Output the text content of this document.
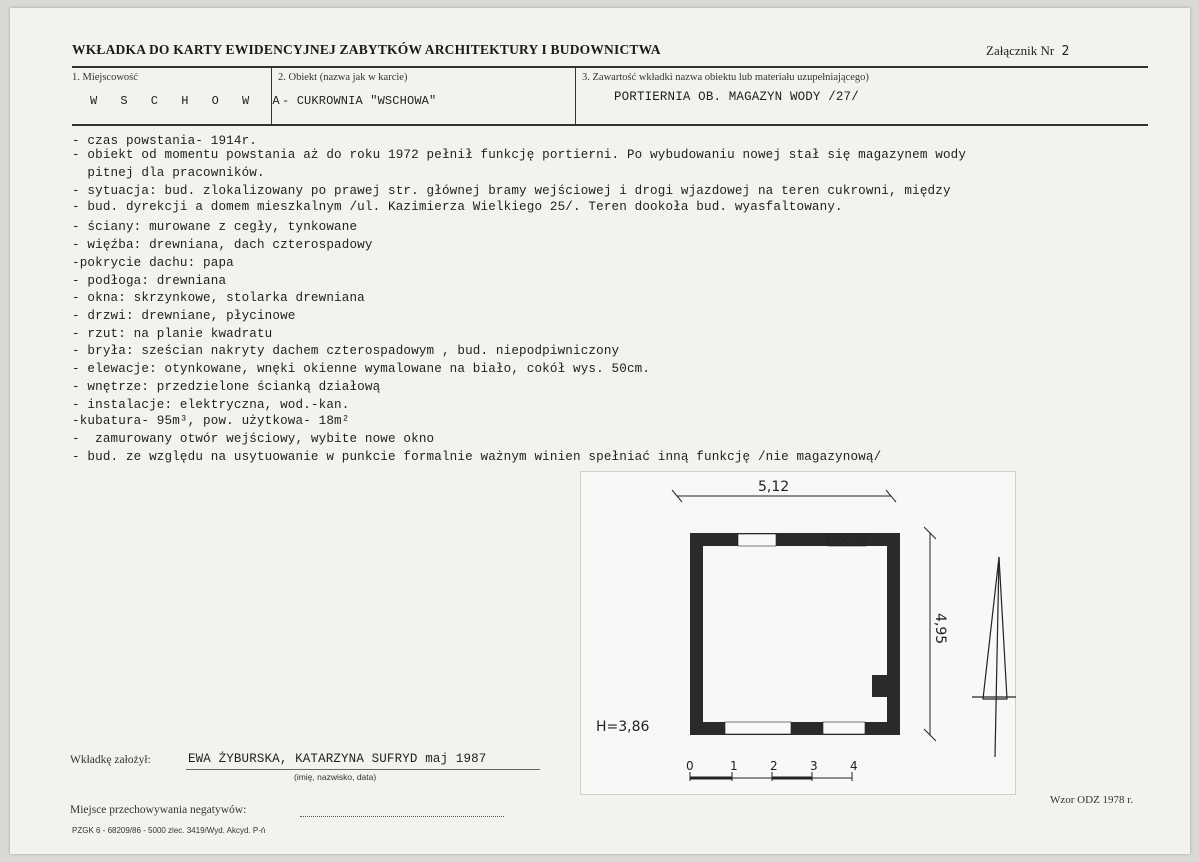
WKŁADKA DO KARTY EWIDENCYJNEJ ZABYTKÓW ARCHITEKTURY I BUDOWNICTWA	Załącznik Nr 2
1. Miejscowość
W S C H O W A
2. Obiekt (nazwa jak w karcie)
- CUKROWNIA "WSCHOWA"
3. Zawartość wkładki nazwa obiektu lub materiału uzupełniającego)
PORTIERNIA OB. MAGAZYN WODY /27/
- czas powstania- 1914r.
- obiekt od momentu powstania aż do roku 1972 pełnił funkcję portierni. Po wybudowaniu nowej stał się magazynem wody
pitnej dla pracowników.
- sytuacja: bud. zlokalizowany po prawej str. głównej bramy wejściowej i drogi wjazdowej na teren cukrowni, między
- bud. dyrekcji a domem mieszkalnym /ul. Kazimierza Wielkiego 25/. Teren dookoła bud. wyasfaltowany.
- ściany: murowane z cegły, tynkowane
- więźba: drewniana, dach czterospadowy
-pokrycie dachu: papa
- podłoga: drewniana
- okna: skrzynkowe, stolarka drewniana
- drzwi: drewniane, płycinowe
- rzut: na planie kwadratu
- bryła: sześcian nakryty dachem czterospadowym , bud. niepodpiwniczony
- elewacje: otynkowane, wnęki okienne wymalowane na biało, cokół wys. 50cm.
- wnętrze: przedzielone ścianką działową
- instalacje: elektryczna, wod.-kan.
-kubatura- 95m³, pow. użytkowa- 18m²
-  zamurowany otwór wejściowy, wybite nowe okno
- bud. ze względu na usytuowanie w punkcie formalnie ważnym winien spełniać inną funkcję /nie magazynową/
5,12
4,95
H=3,86
0	1	2	3	4
Wkładkę założył:	EWA ŻYBURSKA, KATARZYNA SUFRYD maj 1987
(imię, nazwisko, data)
Miejsce przechowywania negatywów:
PZGK 6 - 68209/86 - 5000 zlec. 3419/Wyd. Akcyd. P-ń
Wzor ODZ 1978 r.
